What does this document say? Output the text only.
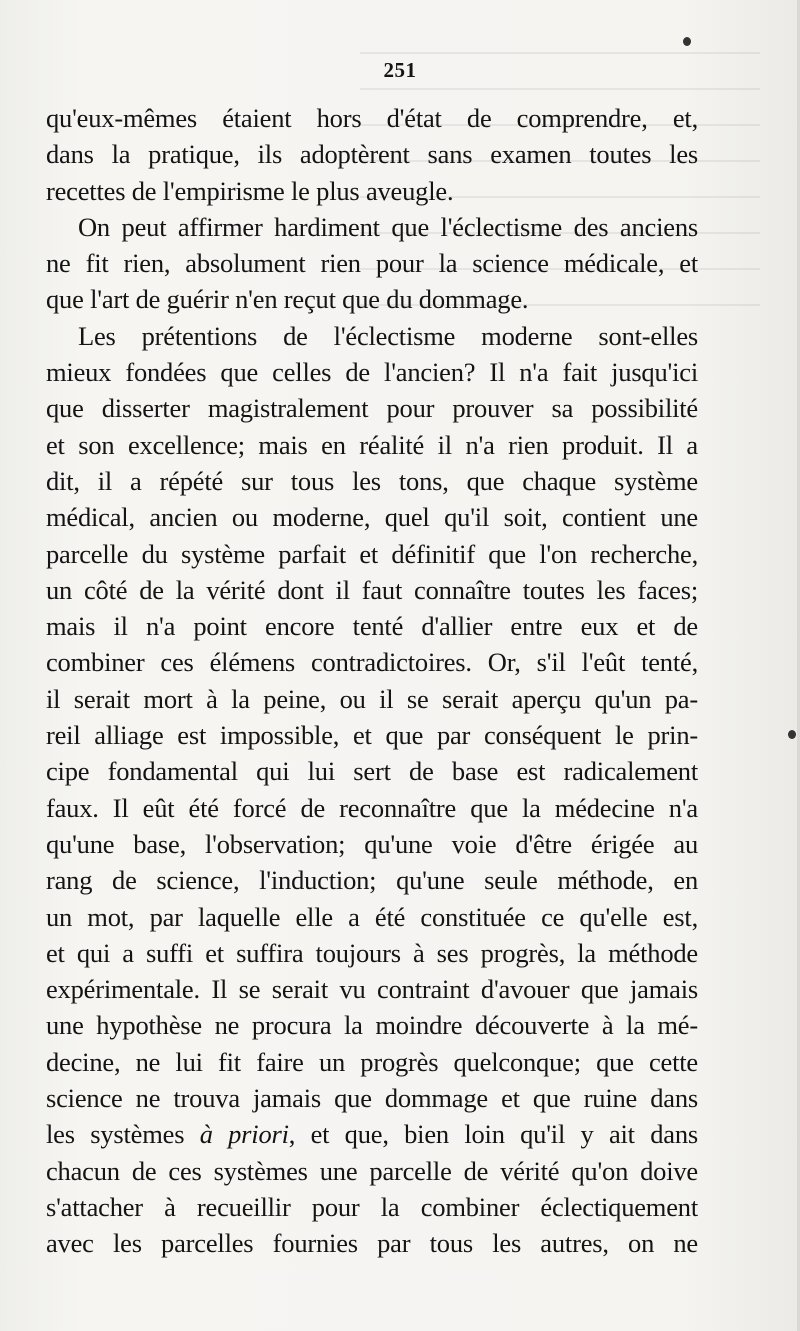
251
qu'eux-mêmes étaient hors d'état de comprendre, et,
dans la pratique, ils adoptèrent sans examen toutes les
recettes de l'empirisme le plus aveugle.
On peut affirmer hardiment que l'éclectisme des anciens
ne fit rien, absolument rien pour la science médicale, et
que l'art de guérir n'en reçut que du dommage.
Les prétentions de l'éclectisme moderne sont-elles
mieux fondées que celles de l'ancien? Il n'a fait jusqu'ici
que disserter magistralement pour prouver sa possibilité
et son excellence; mais en réalité il n'a rien produit. Il a
dit, il a répété sur tous les tons, que chaque système
médical, ancien ou moderne, quel qu'il soit, contient une
parcelle du système parfait et définitif que l'on recherche,
un côté de la vérité dont il faut connaître toutes les faces;
mais il n'a point encore tenté d'allier entre eux et de
combiner ces élémens contradictoires. Or, s'il l'eût tenté,
il serait mort à la peine, ou il se serait aperçu qu'un pa-
reil alliage est impossible, et que par conséquent le prin-
cipe fondamental qui lui sert de base est radicalement
faux. Il eût été forcé de reconnaître que la médecine n'a
qu'une base, l'observation; qu'une voie d'être érigée au
rang de science, l'induction; qu'une seule méthode, en
un mot, par laquelle elle a été constituée ce qu'elle est,
et qui a suffi et suffira toujours à ses progrès, la méthode
expérimentale. Il se serait vu contraint d'avouer que jamais
une hypothèse ne procura la moindre découverte à la mé-
decine, ne lui fit faire un progrès quelconque; que cette
science ne trouva jamais que dommage et que ruine dans
les systèmes à priori, et que, bien loin qu'il y ait dans
chacun de ces systèmes une parcelle de vérité qu'on doive
s'attacher à recueillir pour la combiner éclectiquement
avec les parcelles fournies par tous les autres, on ne
